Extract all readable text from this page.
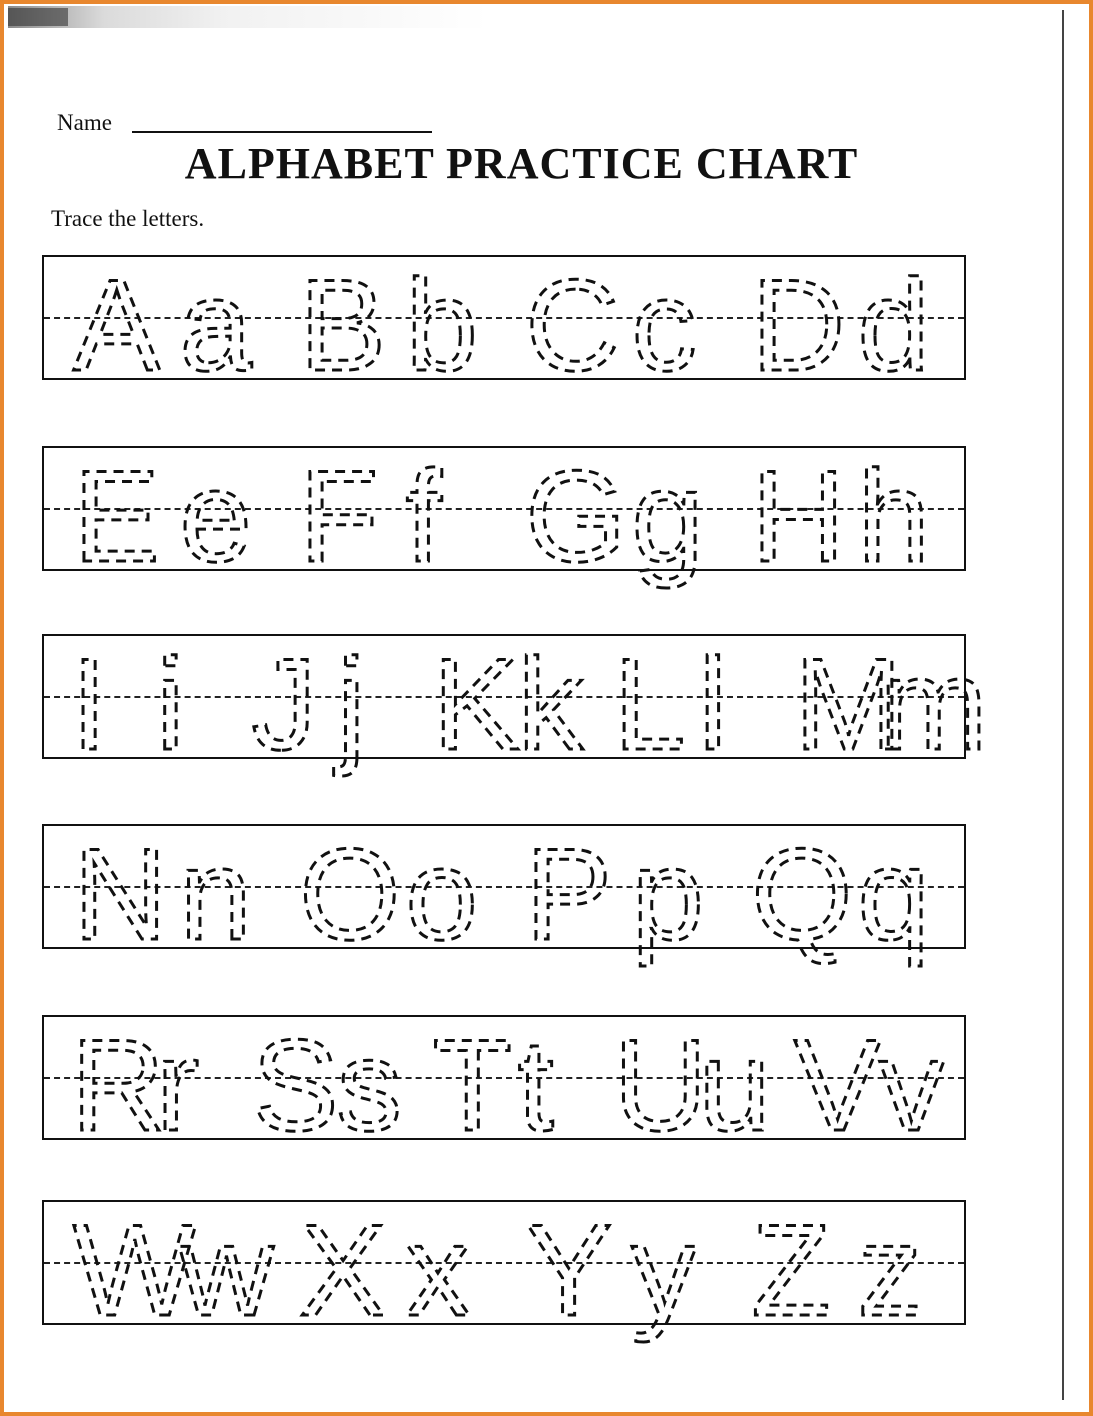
Name
ALPHABET PRACTICE CHART
Trace the letters.
A a B b C c D d
E e F f G g H h
I i J j K
k L l M
m
N n O o P p Q q
R
r S
s T t U
u V
v
W
w X x Y y Z z
